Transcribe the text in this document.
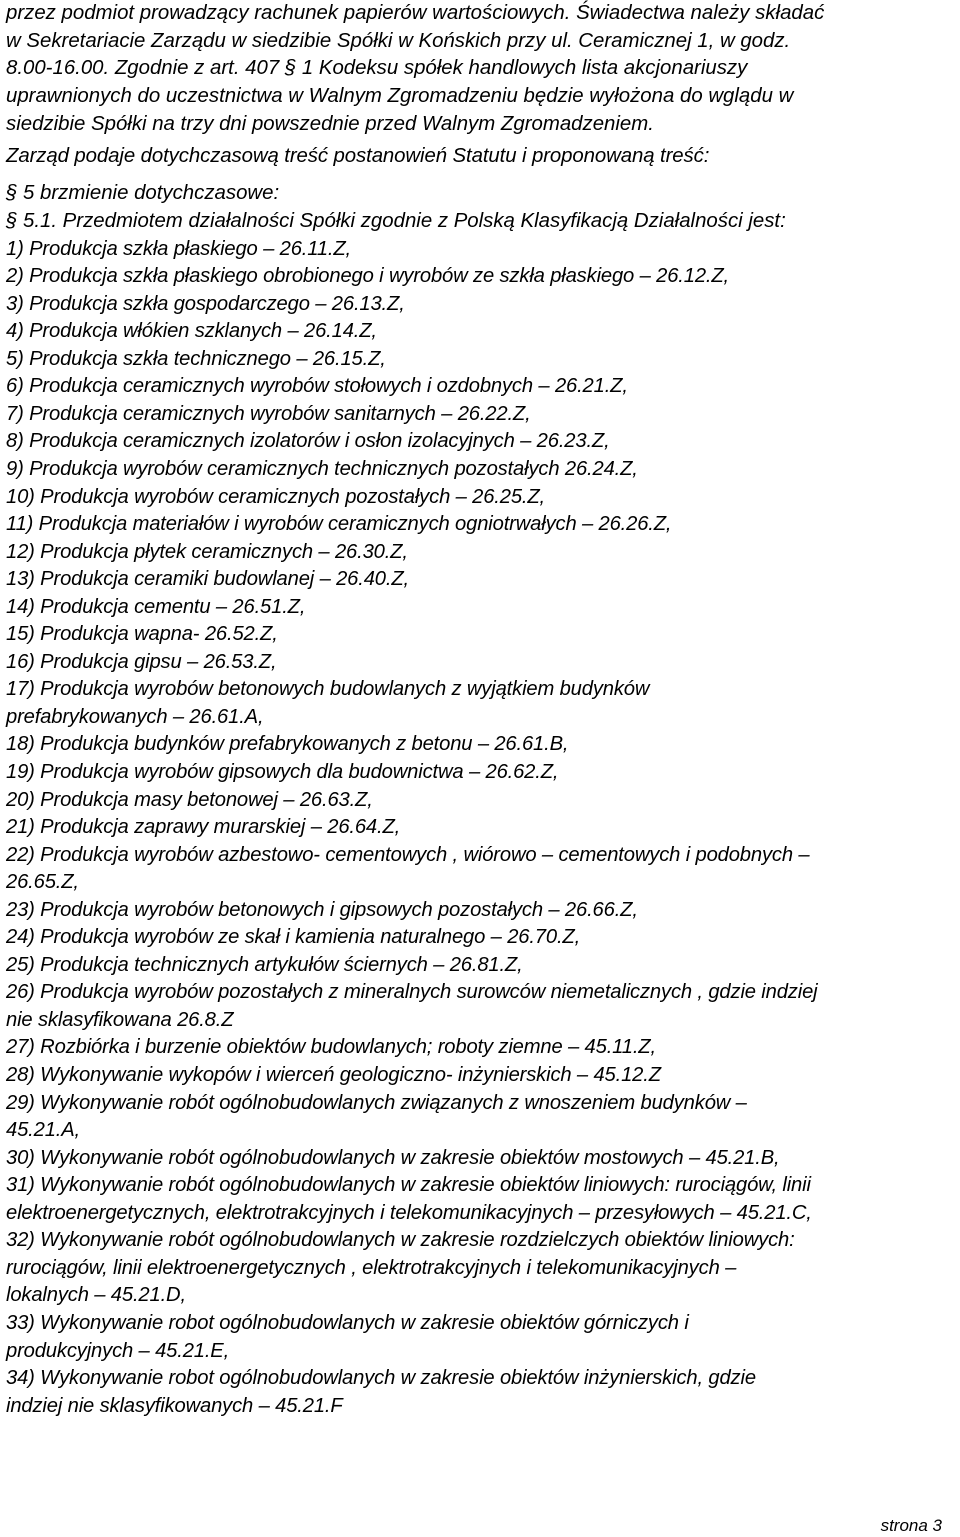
przez podmiot prowadzący rachunek papierów wartościowych. Świadectwa należy składać
w Sekretariacie Zarządu w siedzibie Spółki w Końskich przy ul. Ceramicznej 1, w godz.
8.00-16.00. Zgodnie z art. 407 § 1 Kodeksu spółek handlowych lista akcjonariuszy
uprawnionych do uczestnictwa w Walnym Zgromadzeniu będzie wyłożona do wglądu w
siedzibie Spółki na trzy dni powszednie przed Walnym Zgromadzeniem.
Zarząd podaje dotychczasową treść postanowień Statutu i proponowaną treść:
§ 5 brzmienie dotychczasowe:
§ 5.1. Przedmiotem działalności Spółki zgodnie z Polską Klasyfikacją Działalności jest:
1) Produkcja szkła płaskiego – 26.11.Z,
2) Produkcja szkła płaskiego obrobionego i wyrobów ze szkła płaskiego – 26.12.Z,
3) Produkcja szkła gospodarczego – 26.13.Z,
4) Produkcja włókien szklanych – 26.14.Z,
5) Produkcja szkła technicznego – 26.15.Z,
6) Produkcja ceramicznych wyrobów stołowych i ozdobnych – 26.21.Z,
7) Produkcja ceramicznych wyrobów sanitarnych – 26.22.Z,
8) Produkcja ceramicznych izolatorów i osłon izolacyjnych – 26.23.Z,
9) Produkcja wyrobów ceramicznych technicznych pozostałych 26.24.Z,
10) Produkcja wyrobów ceramicznych pozostałych – 26.25.Z,
11) Produkcja materiałów i wyrobów ceramicznych ogniotrwałych – 26.26.Z,
12) Produkcja płytek ceramicznych – 26.30.Z,
13) Produkcja ceramiki budowlanej – 26.40.Z,
14) Produkcja cementu – 26.51.Z,
15) Produkcja wapna- 26.52.Z,
16) Produkcja gipsu – 26.53.Z,
17) Produkcja wyrobów betonowych budowlanych z wyjątkiem budynków
prefabrykowanych – 26.61.A,
18) Produkcja budynków prefabrykowanych z betonu – 26.61.B,
19) Produkcja wyrobów gipsowych dla budownictwa – 26.62.Z,
20) Produkcja masy betonowej – 26.63.Z,
21) Produkcja zaprawy murarskiej – 26.64.Z,
22) Produkcja wyrobów azbestowo- cementowych , wiórowo – cementowych i podobnych –
26.65.Z,
23) Produkcja wyrobów betonowych i gipsowych pozostałych – 26.66.Z,
24) Produkcja wyrobów ze skał i kamienia naturalnego – 26.70.Z,
25) Produkcja technicznych artykułów ściernych – 26.81.Z,
26) Produkcja wyrobów pozostałych z mineralnych surowców niemetalicznych , gdzie indziej
nie sklasyfikowana 26.8.Z
27) Rozbiórka i burzenie obiektów budowlanych; roboty ziemne – 45.11.Z,
28) Wykonywanie wykopów i wierceń geologiczno- inżynierskich – 45.12.Z
29) Wykonywanie robót ogólnobudowlanych związanych z wnoszeniem budynków –
45.21.A,
30) Wykonywanie robót ogólnobudowlanych w zakresie obiektów mostowych – 45.21.B,
31) Wykonywanie robót ogólnobudowlanych w zakresie obiektów liniowych: rurociągów, linii
elektroenergetycznych, elektrotrakcyjnych i telekomunikacyjnych – przesyłowych – 45.21.C,
32) Wykonywanie robót ogólnobudowlanych w zakresie rozdzielczych obiektów liniowych:
rurociągów, linii elektroenergetycznych , elektrotrakcyjnych i telekomunikacyjnych –
lokalnych – 45.21.D,
33) Wykonywanie robot ogólnobudowlanych w zakresie obiektów górniczych i
produkcyjnych – 45.21.E,
34) Wykonywanie robot ogólnobudowlanych w zakresie obiektów inżynierskich, gdzie
indziej nie sklasyfikowanych – 45.21.F
strona 3
